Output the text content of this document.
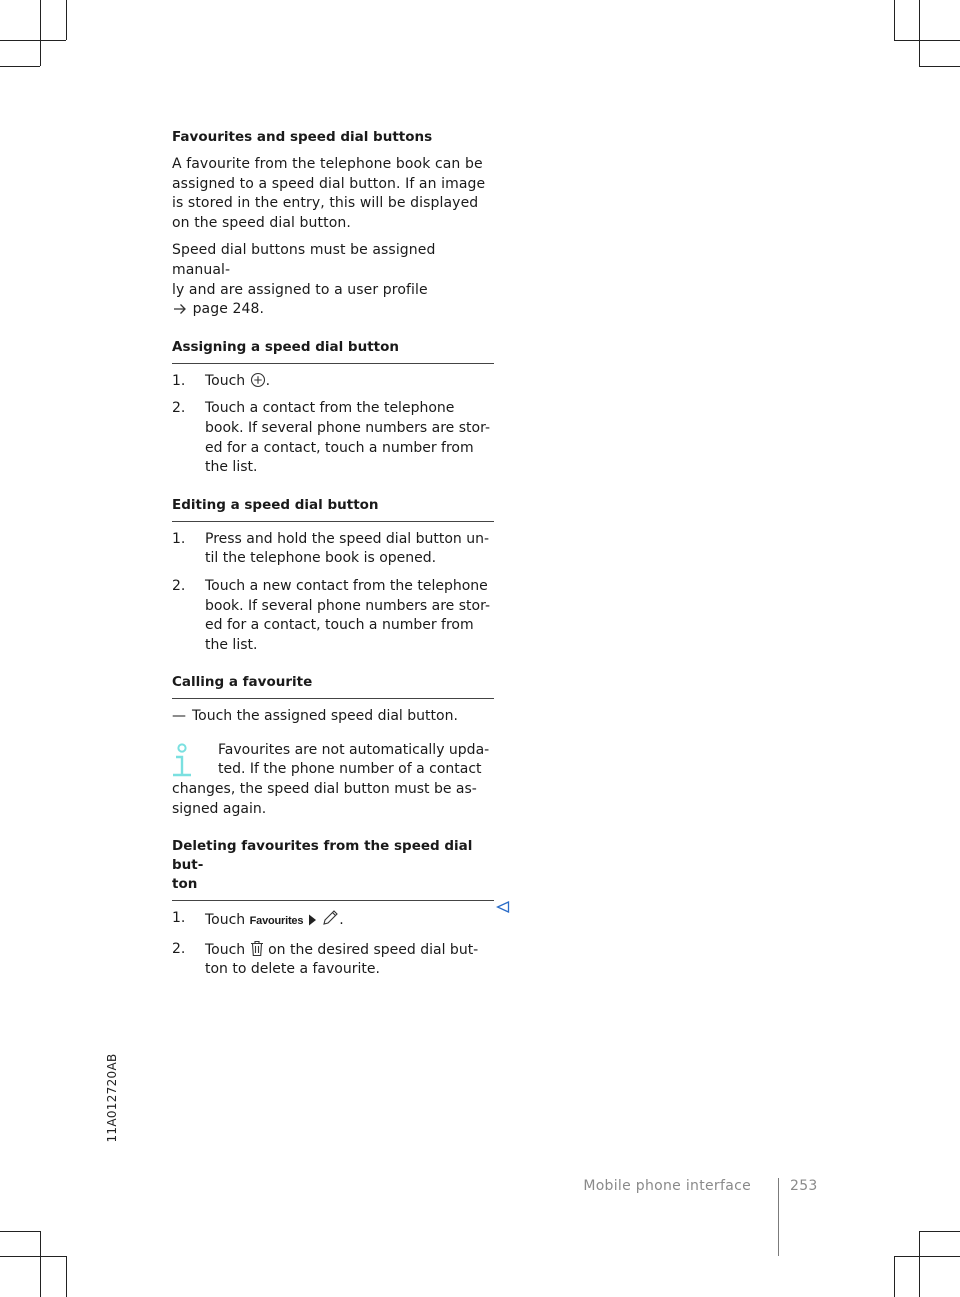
Favourites and speed dial buttons

A favourite from the telephone book can be assigned to a speed dial button. If an image is stored in the entry, this will be displayed on the speed dial button.

Speed dial buttons must be assigned manual-
ly and are assigned to a user profile
page 248.

Assigning a speed dial button
1. Touch .
2. Touch a contact from the telephone book. If several phone numbers are stor-ed for a contact, touch a number from the list.
Editing a speed dial button
1. Press and hold the speed dial button un-til the telephone book is opened.
2. Touch a new contact from the telephone book. If several phone numbers are stor-ed for a contact, touch a number from the list.
Calling a favourite
— Touch the assigned speed dial button.
Favourites are not automatically upda-
ted. If the phone number of a contact
changes, the speed dial button must be as-signed again.
Deleting favourites from the speed dial but-
ton
1. Touch Favourites	.
2. Touch on the desired speed dial but-ton to delete a favourite.
11A012720AB
Mobile phone interface	253
